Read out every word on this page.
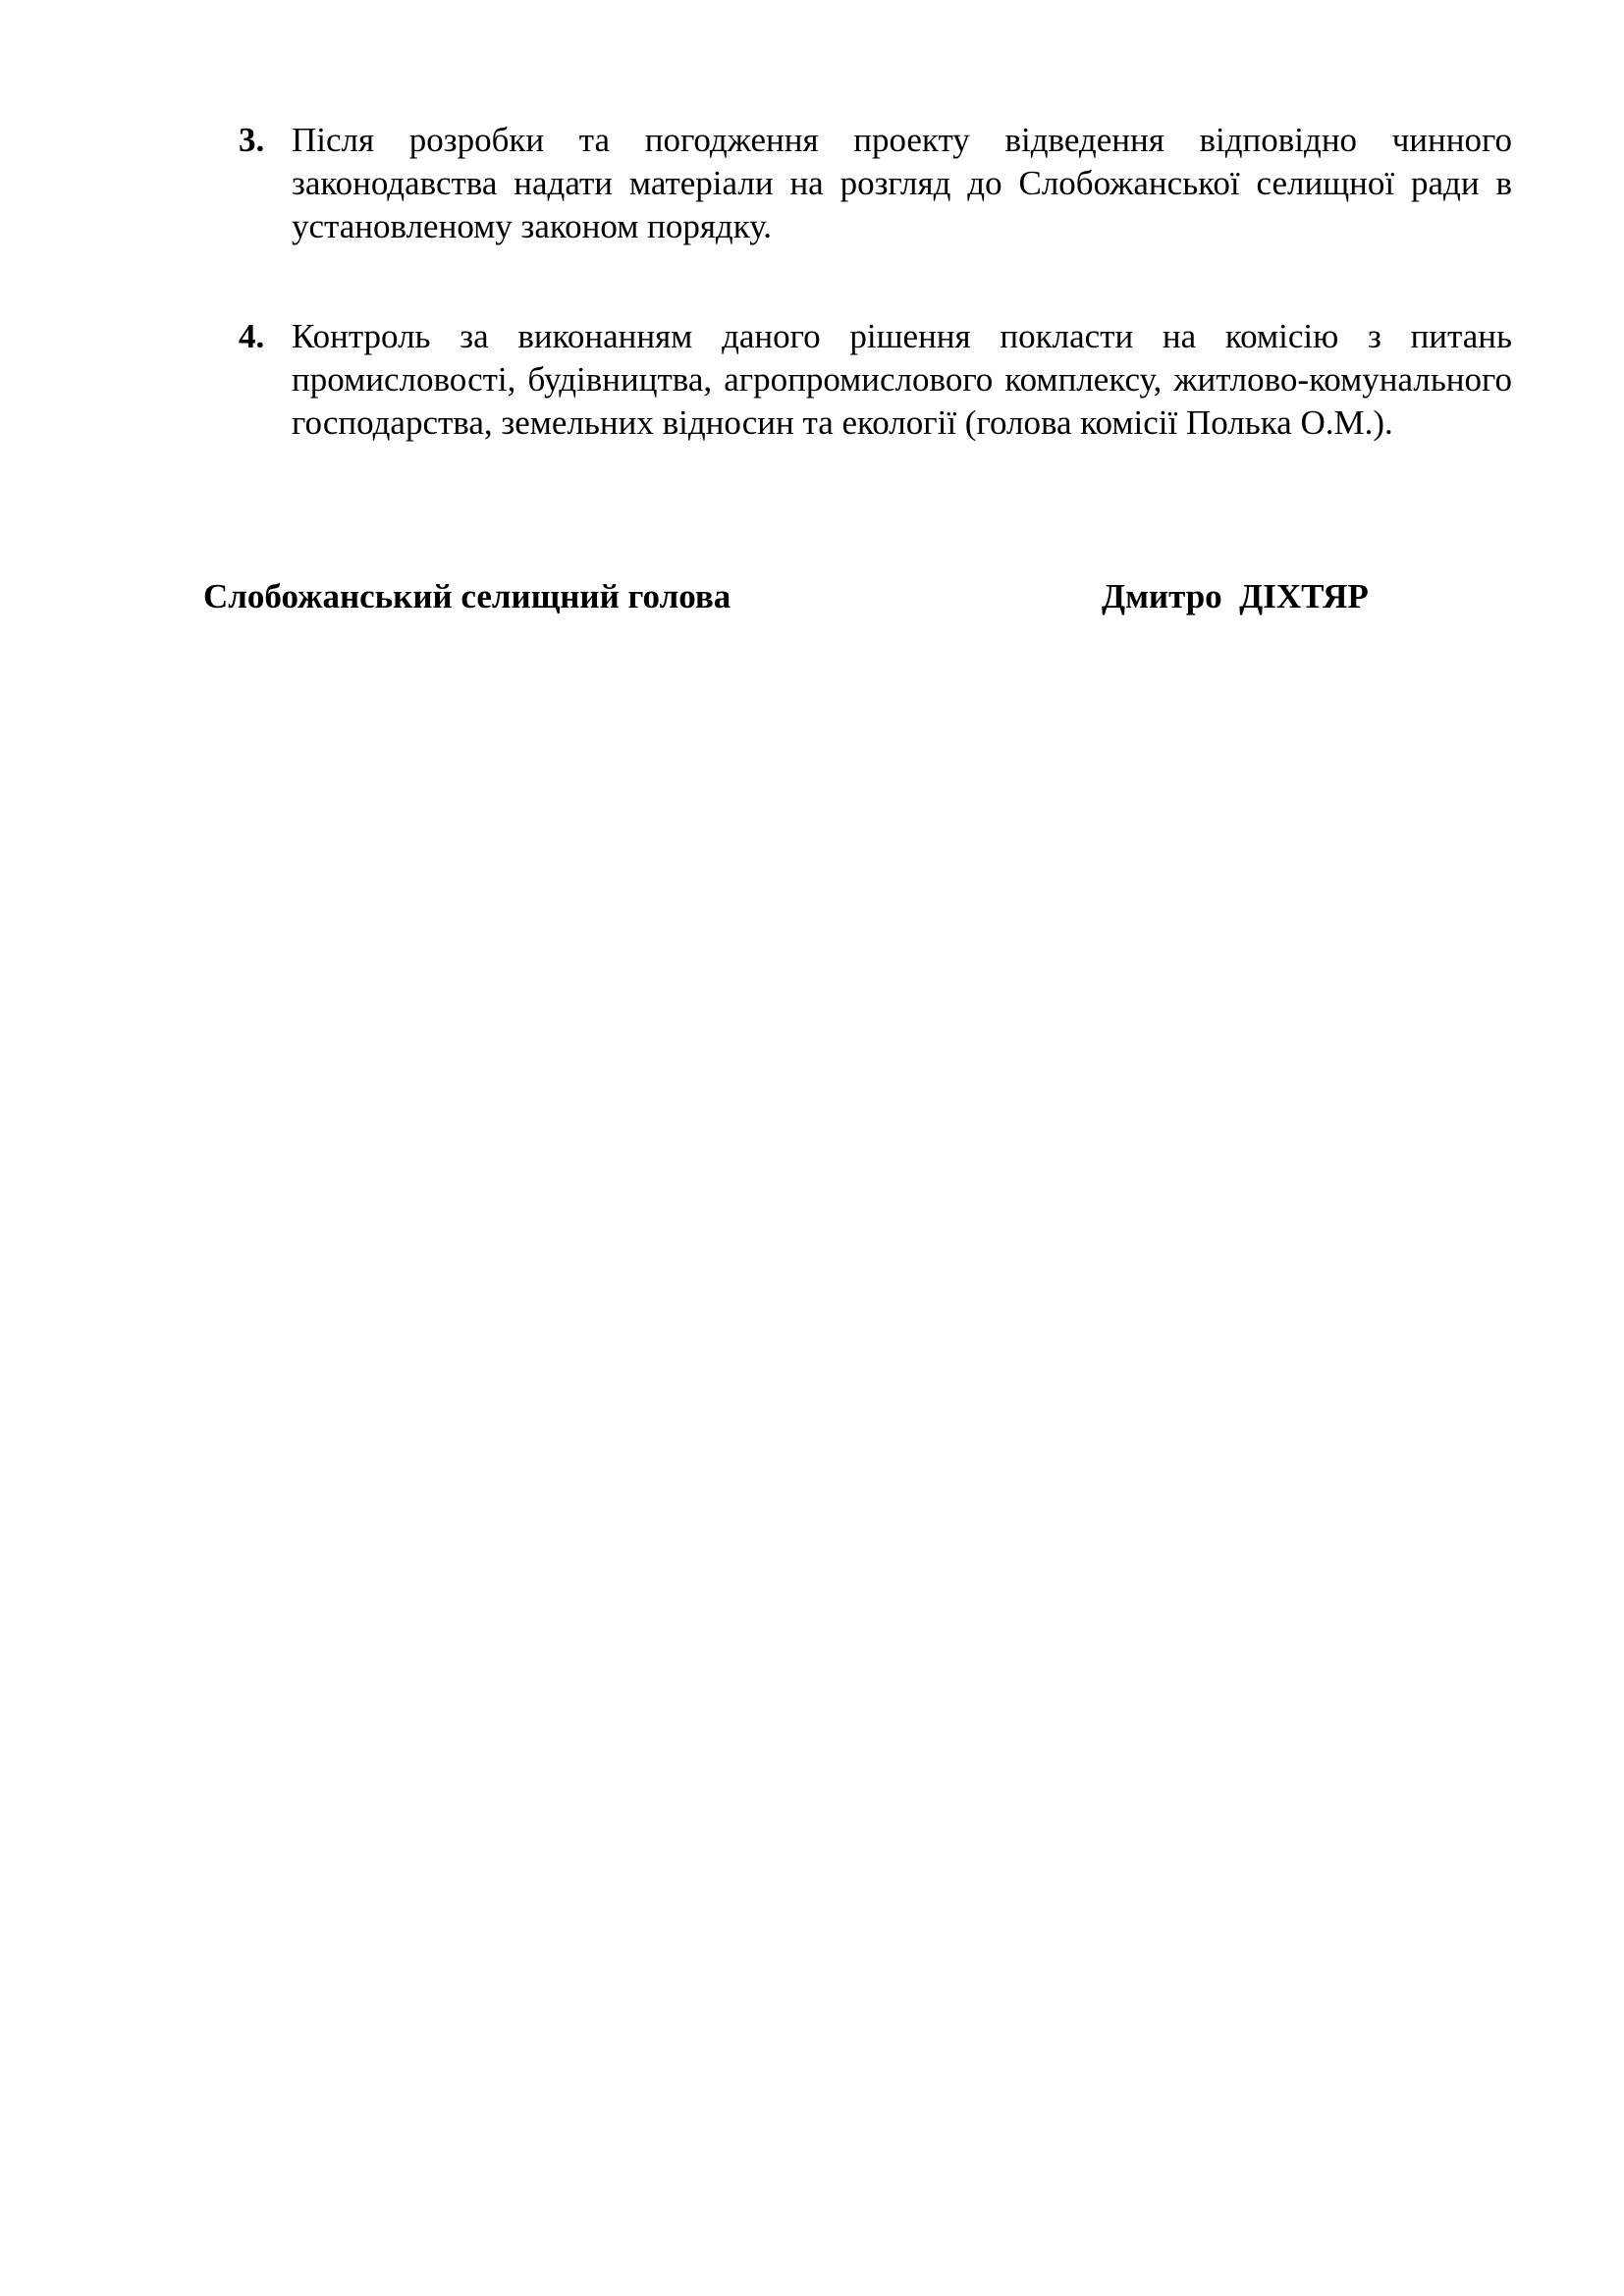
3. Після розробки та погодження проекту відведення відповідно чинного законодавства надати матеріали на розгляд до Слобожанської селищної ради в установленому законом порядку.
4. Контроль за виконанням даного рішення покласти на комісію з питань промисловості, будівництва, агропромислового комплексу, житлово-комунального господарства, земельних відносин та екології (голова комісії Полька О.М.).
Слобожанський селищний голова	Дмитро  ДІХТЯР
